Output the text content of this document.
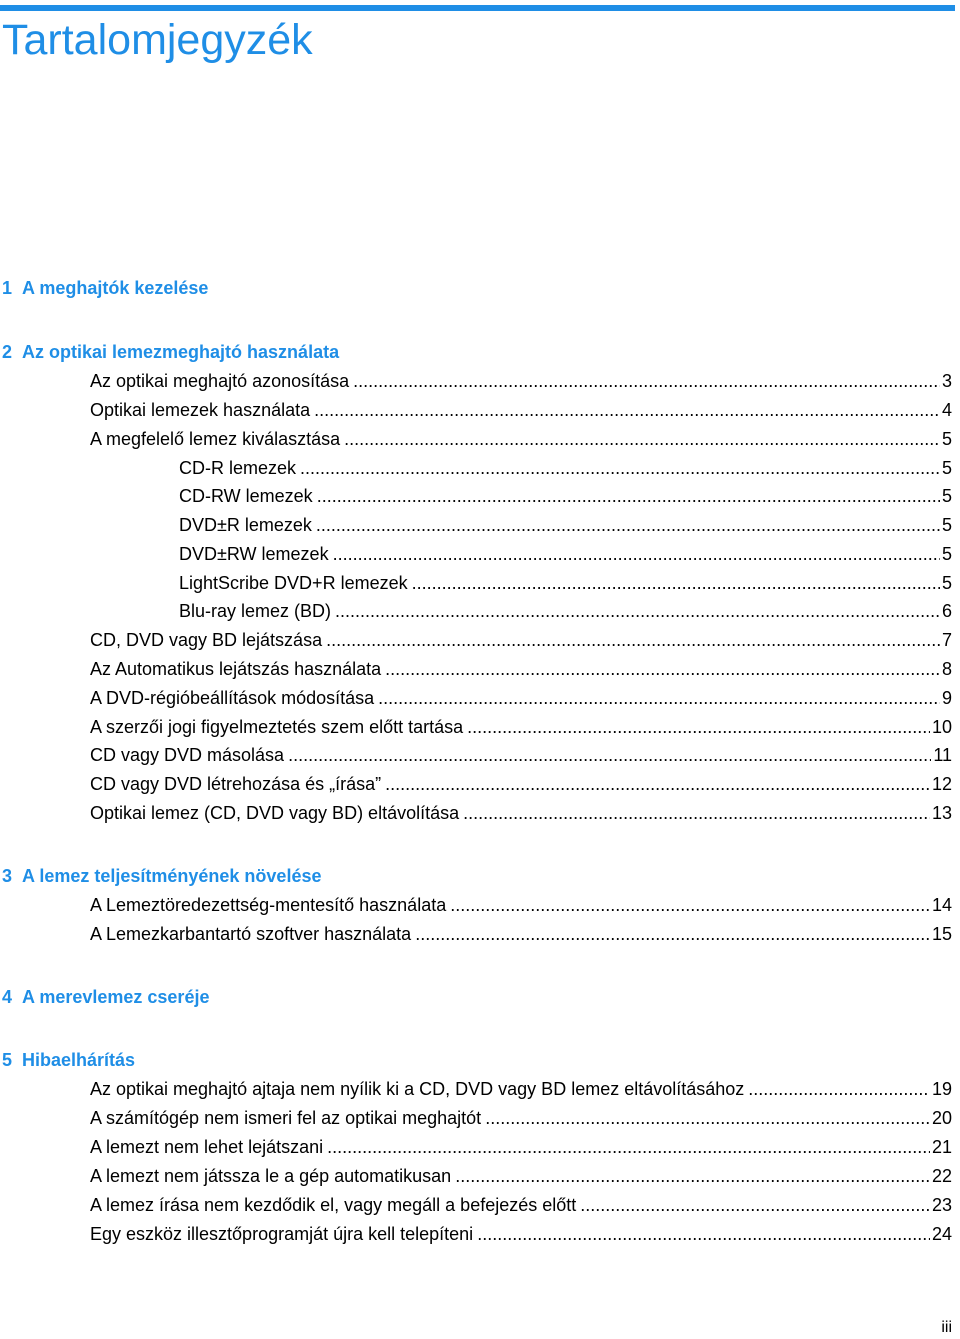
Tartalomjegyzék
1 A meghajtók kezelése
2 Az optikai lemezmeghajtó használata
Az optikai meghajtó azonosítása .....	3
Optikai lemezek használata .....	4
A megfelelő lemez kiválasztása .....	5
CD-R lemezek .....	5
CD-RW lemezek .....	5
DVD±R lemezek .....	5
DVD±RW lemezek .....	5
LightScribe DVD+R lemezek .....	5
Blu-ray lemez (BD) .....	6
CD, DVD vagy BD lejátszása .....	7
Az Automatikus lejátszás használata .....	8
A DVD-régióbeállítások módosítása .....	9
A szerzői jogi figyelmeztetés szem előtt tartása .....	10
CD vagy DVD másolása .....	11
CD vagy DVD létrehozása és „írása” .....	12
Optikai lemez (CD, DVD vagy BD) eltávolítása .....	13
3 A lemez teljesítményének növelése
A Lemeztöredezettség-mentesítő használata .....	14
A Lemezkarbantartó szoftver használata .....	15
4 A merevlemez cseréje
5 Hibaelhárítás
Az optikai meghajtó ajtaja nem nyílik ki a CD, DVD vagy BD lemez eltávolításához .....	19
A számítógép nem ismeri fel az optikai meghajtót .....	20
A lemezt nem lehet lejátszani .....	21
A lemezt nem játssza le a gép automatikusan .....	22
A lemez írása nem kezdődik el, vagy megáll a befejezés előtt .....	23
Egy eszköz illesztőprogramját újra kell telepíteni .....	24
iii
